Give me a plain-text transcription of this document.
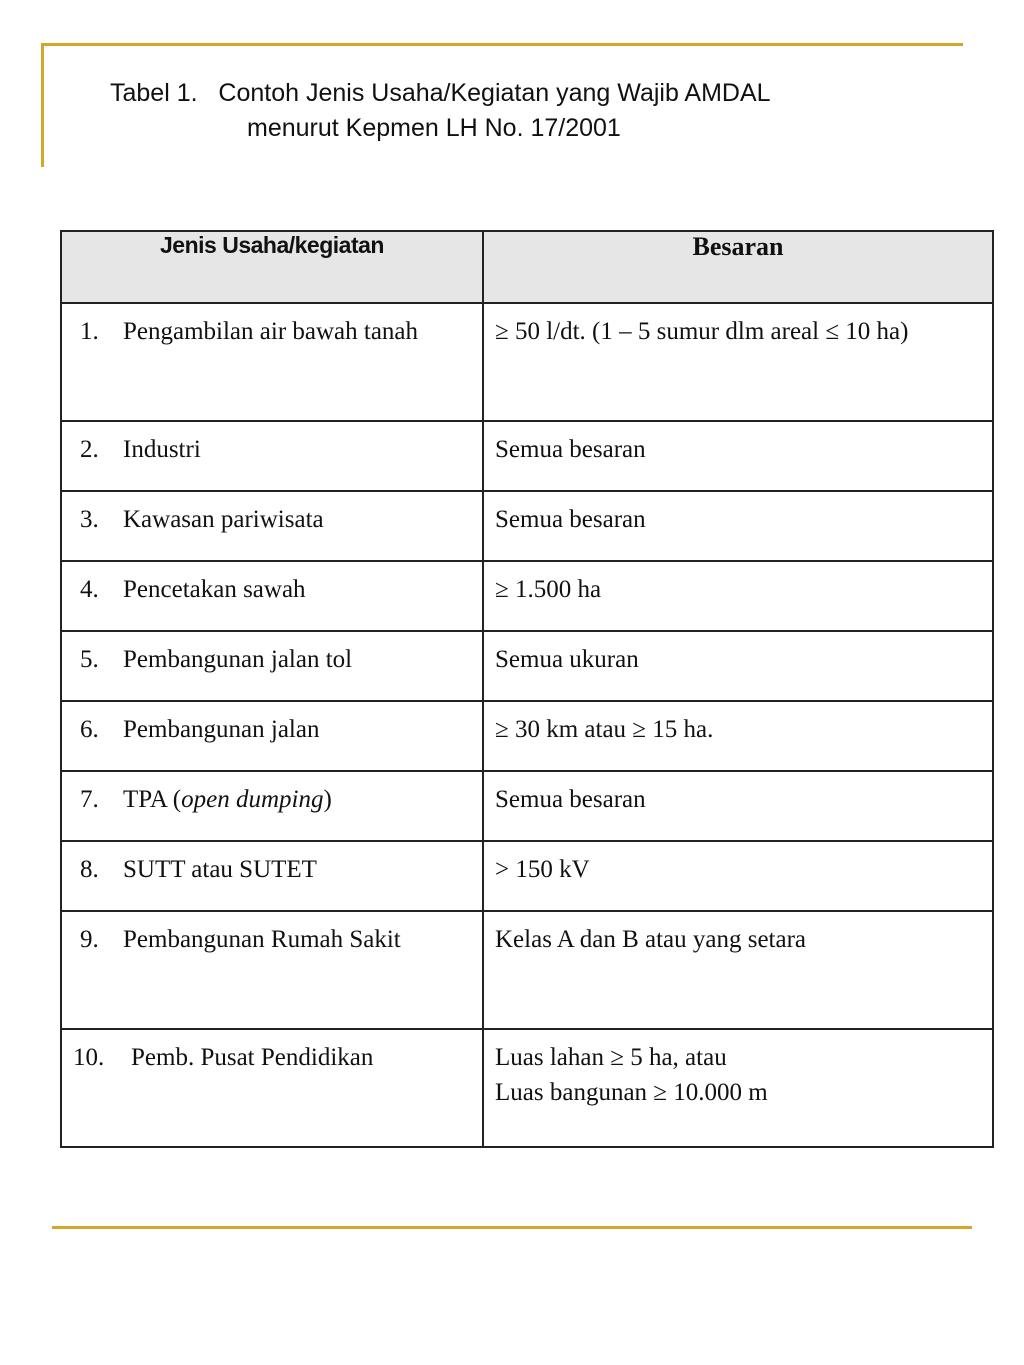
Tabel 1.   Contoh Jenis Usaha/Kegiatan yang Wajib AMDAL
menurut Kepmen LH No. 17/2001
Jenis Usaha/kegiatan	Besaran

1. Pengambilan air bawah tanah	≥ 50 l/dt. (1 – 5 sumur dlm areal ≤ 10 ha)

2. Industri	Semua besaran

3. Kawasan pariwisata	Semua besaran

4. Pencetakan sawah	≥ 1.500 ha

5. Pembangunan jalan tol	Semua ukuran

6. Pembangunan jalan	≥ 30 km atau ≥ 15 ha.

7. TPA (open dumping)	Semua besaran

8. SUTT atau SUTET	> 150 kV

9. Pembangunan Rumah Sakit	Kelas A dan B atau yang setara

10. Pemb. Pusat Pendidikan	Luas lahan ≥ 5 ha, atau
Luas bangunan ≥ 10.000 m
